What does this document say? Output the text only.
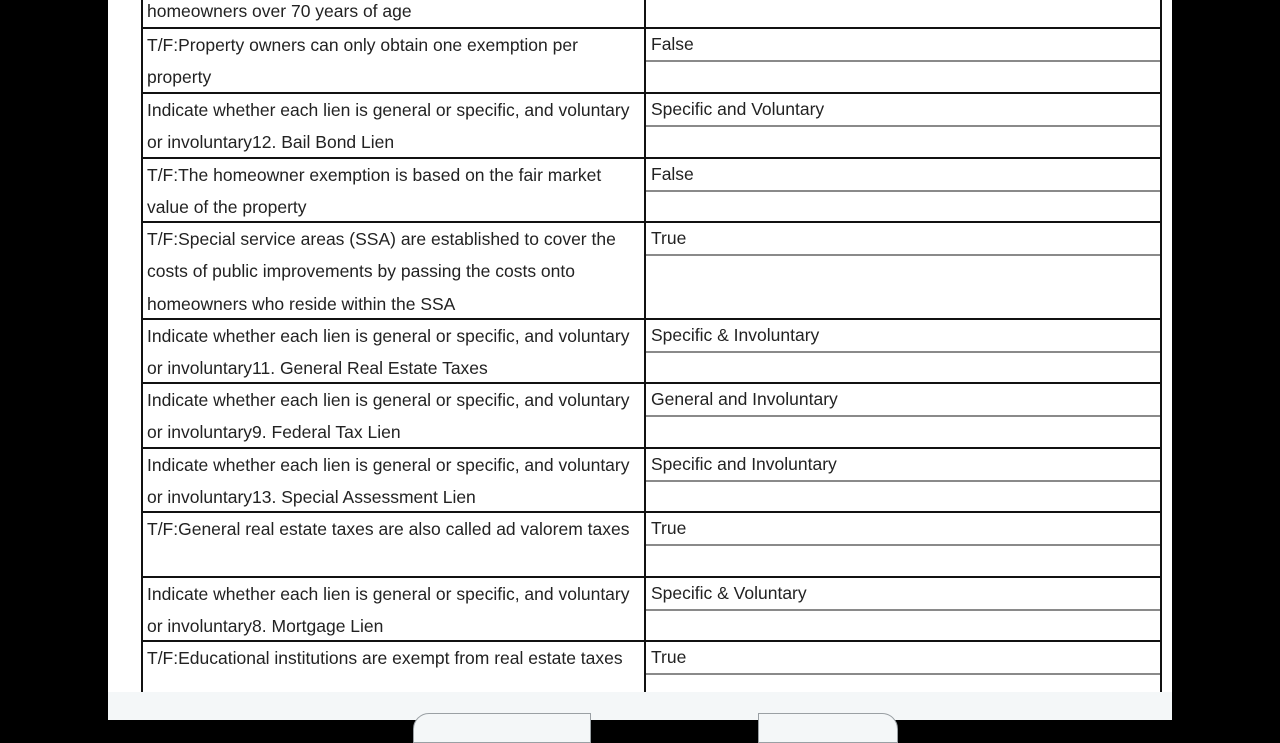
homeowners over 70 years of age
T/F:Property owners can only obtain one exemption per property
False
Indicate whether each lien is general or specific, and voluntary or involuntary12. Bail Bond Lien
Specific and Voluntary
T/F:The homeowner exemption is based on the fair market value of the property
False
T/F:Special service areas (SSA) are established to cover the costs of public improvements by passing the costs onto homeowners who reside within the SSA
True
Indicate whether each lien is general or specific, and voluntary or involuntary11. General Real Estate Taxes
Specific & Involuntary
Indicate whether each lien is general or specific, and voluntary or involuntary9. Federal Tax Lien
General and Involuntary
Indicate whether each lien is general or specific, and voluntary or involuntary13. Special Assessment Lien
Specific and Involuntary
T/F:General real estate taxes are also called ad valorem taxes	True
Indicate whether each lien is general or specific, and voluntary or involuntary8. Mortgage Lien
Specific & Voluntary
T/F:Educational institutions are exempt from real estate taxes	True
